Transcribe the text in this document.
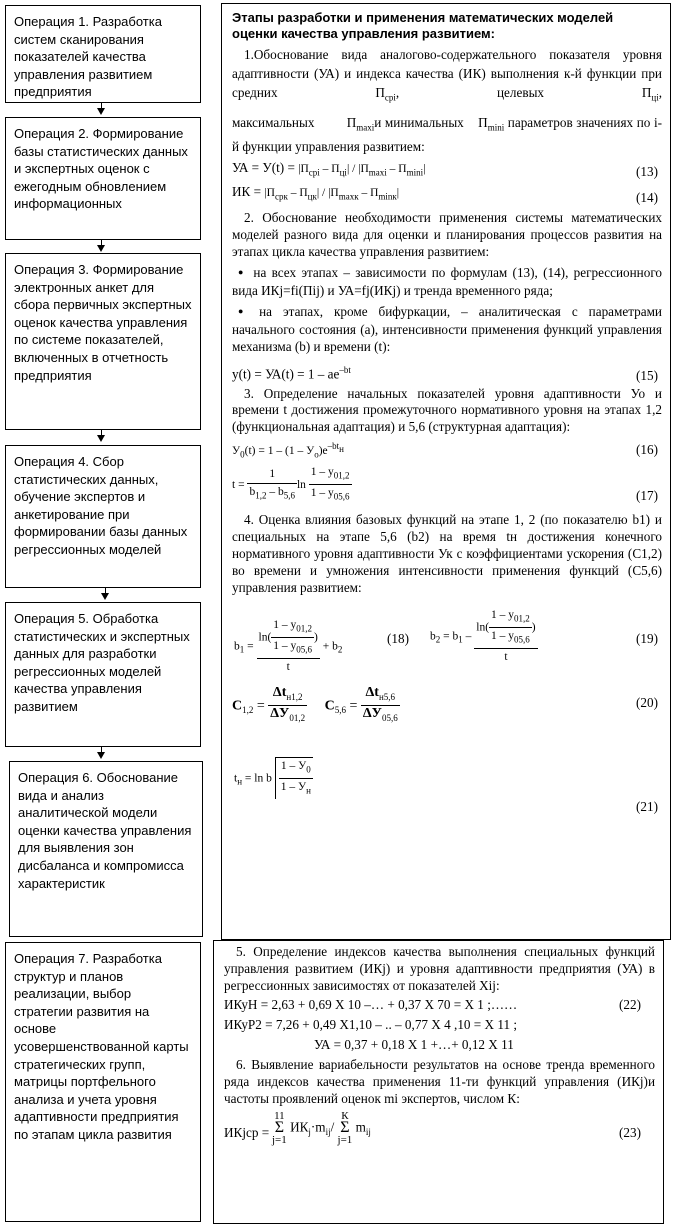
Операция 1. Разработка систем сканирования показателей качества управления развитием предприятия
Операция 2. Формирование базы статистических данных и экспертных оценок с ежегодным обновлением информационных
Операция 3. Формирование электронных анкет для сбора первичных экспертных оценок качества управления по системе показателей, включенных в отчетность предприятия
Операция 4. Сбор статистических данных, обучение экспертов и анкетирование при формировании базы данных регрессионных моделей
Операция 5. Обработка статистических и экспертных данных для разработки регрессионных моделей качества управления развитием
Операция 6. Обоснование вида и анализ аналитической модели оценки качества управления для выявления зон дисбаланса и компромисса характеристик
Операция 7. Разработка структур и планов реализации, выбор стратегии развития на основе усовершенствованной карты стратегических групп, матрицы портфельного анализа и учета уровня адаптивности предприятия по этапам цикла развития

Этапы разработки и применения математических моделей оценки качества управления развитием:

1.Обоснование вида аналогово-содержательного показателя уровня адаптивности (УА) и индекса качества (ИК) выполнения к-й функции при средних $П_{срi}$, целевых $П_{цi}$,

максимальных $П_{maxi}и$ минимальных $П_{mini}$ параметров значениях по i-й функции управления развитием:

УА = $У(t) = |П_{срi} - П_{цi}| / |П_{maxi} - П_{mini}|$	(13)
ИК = $|П_{срк} - П_{цк}| / |П_{maxк} - П_{minк}|$	(14)

2. Обоснование необходимости применения системы математических моделей разного вида для оценки и планирования процессов развития на этапах цикла качества управления развитием:

● на всех этапах – зависимости по формулам (13), (14), регрессионного вида ИКj=fi(Пij) и УА=fj(ИКj) и тренда временного ряда;

● на этапах, кроме бифуркации, – аналитическая с параметрами начального состояния (а), интенсивности применения функций управления механизма (b) и времени (t):

$y(t) = УА(t) = 1 - ae^{-bt}$	(15)

3. Определение начальных показателей уровня адаптивности Уо и времени t достижения промежуточного нормативного уровня на этапах 1,2 (функциональная адаптация) и 5,6 (структурная адаптация):

$У_0(t) = 1 - (1 - У_о)е^{-bt_н}$	(16)
$t = \frac{1}{b_{1,2} - b_{5,6}}$ $\ln \frac{1 - у_{01,2}}{1 - у_{05,6}}$	(17)

4. Оценка влияния базовых функций на этапе 1, 2 (по показателю b1) и специальных на этапе 5,6 (b2) на время tн достижения конечного нормативного уровня адаптивности Ук с коэффициентами ускорения (С1,2) во времени и умножения интенсивности применения функций (С5,6) управления развитием:

$b_1 = \frac{\ln( \frac{1 - у_{01,2}}{1 - у_{05,6}} )}{t} + b_2$
(18) $b_2 = b_1 - \frac{\ln( \frac{1 - у_{01,2}}{1 - у_{05,6}} )}{t}$	(19)
$С_{1,2} = \frac{\Delta t_{н1,2}}{\Delta У_{01,2}} С_{5,6} = \frac{\Delta t_{н5,6}}{\Delta У_{05,6}}$	(20)
$t_н = \ln b \frac{1 - У_0}{1 - У_н}$
(21)

5. Определение индексов качества выполнения специальных функций управления развитием (ИКj) и уровня адаптивности предприятия (УА) в регрессионных зависимостях от показателей Xij:

ИКуН = 2,63 + 0,69 Х 10 –… + 0,37 Х 70 = Х 1 ;……	(22)
ИКуР2 = 7,26 + 0,49 Х1,10 – .. – 0,77 Х 4 ,10 = Х 11 ;
УА = 0,37 + 0,18 Х 1 +…+ 0,12 Х 11

6. Выявление вариабельности результатов на основе тренда временного ряда индексов качества применения 11-ти функций управления (ИКj)и частоты проявлений оценок mi экспертов, числом К:

ИКjср =
11
Σ
j=1 $ИК_j\cdot m_{ij}/$ К
Σ
j=1 $m_{ij}$	(23)
